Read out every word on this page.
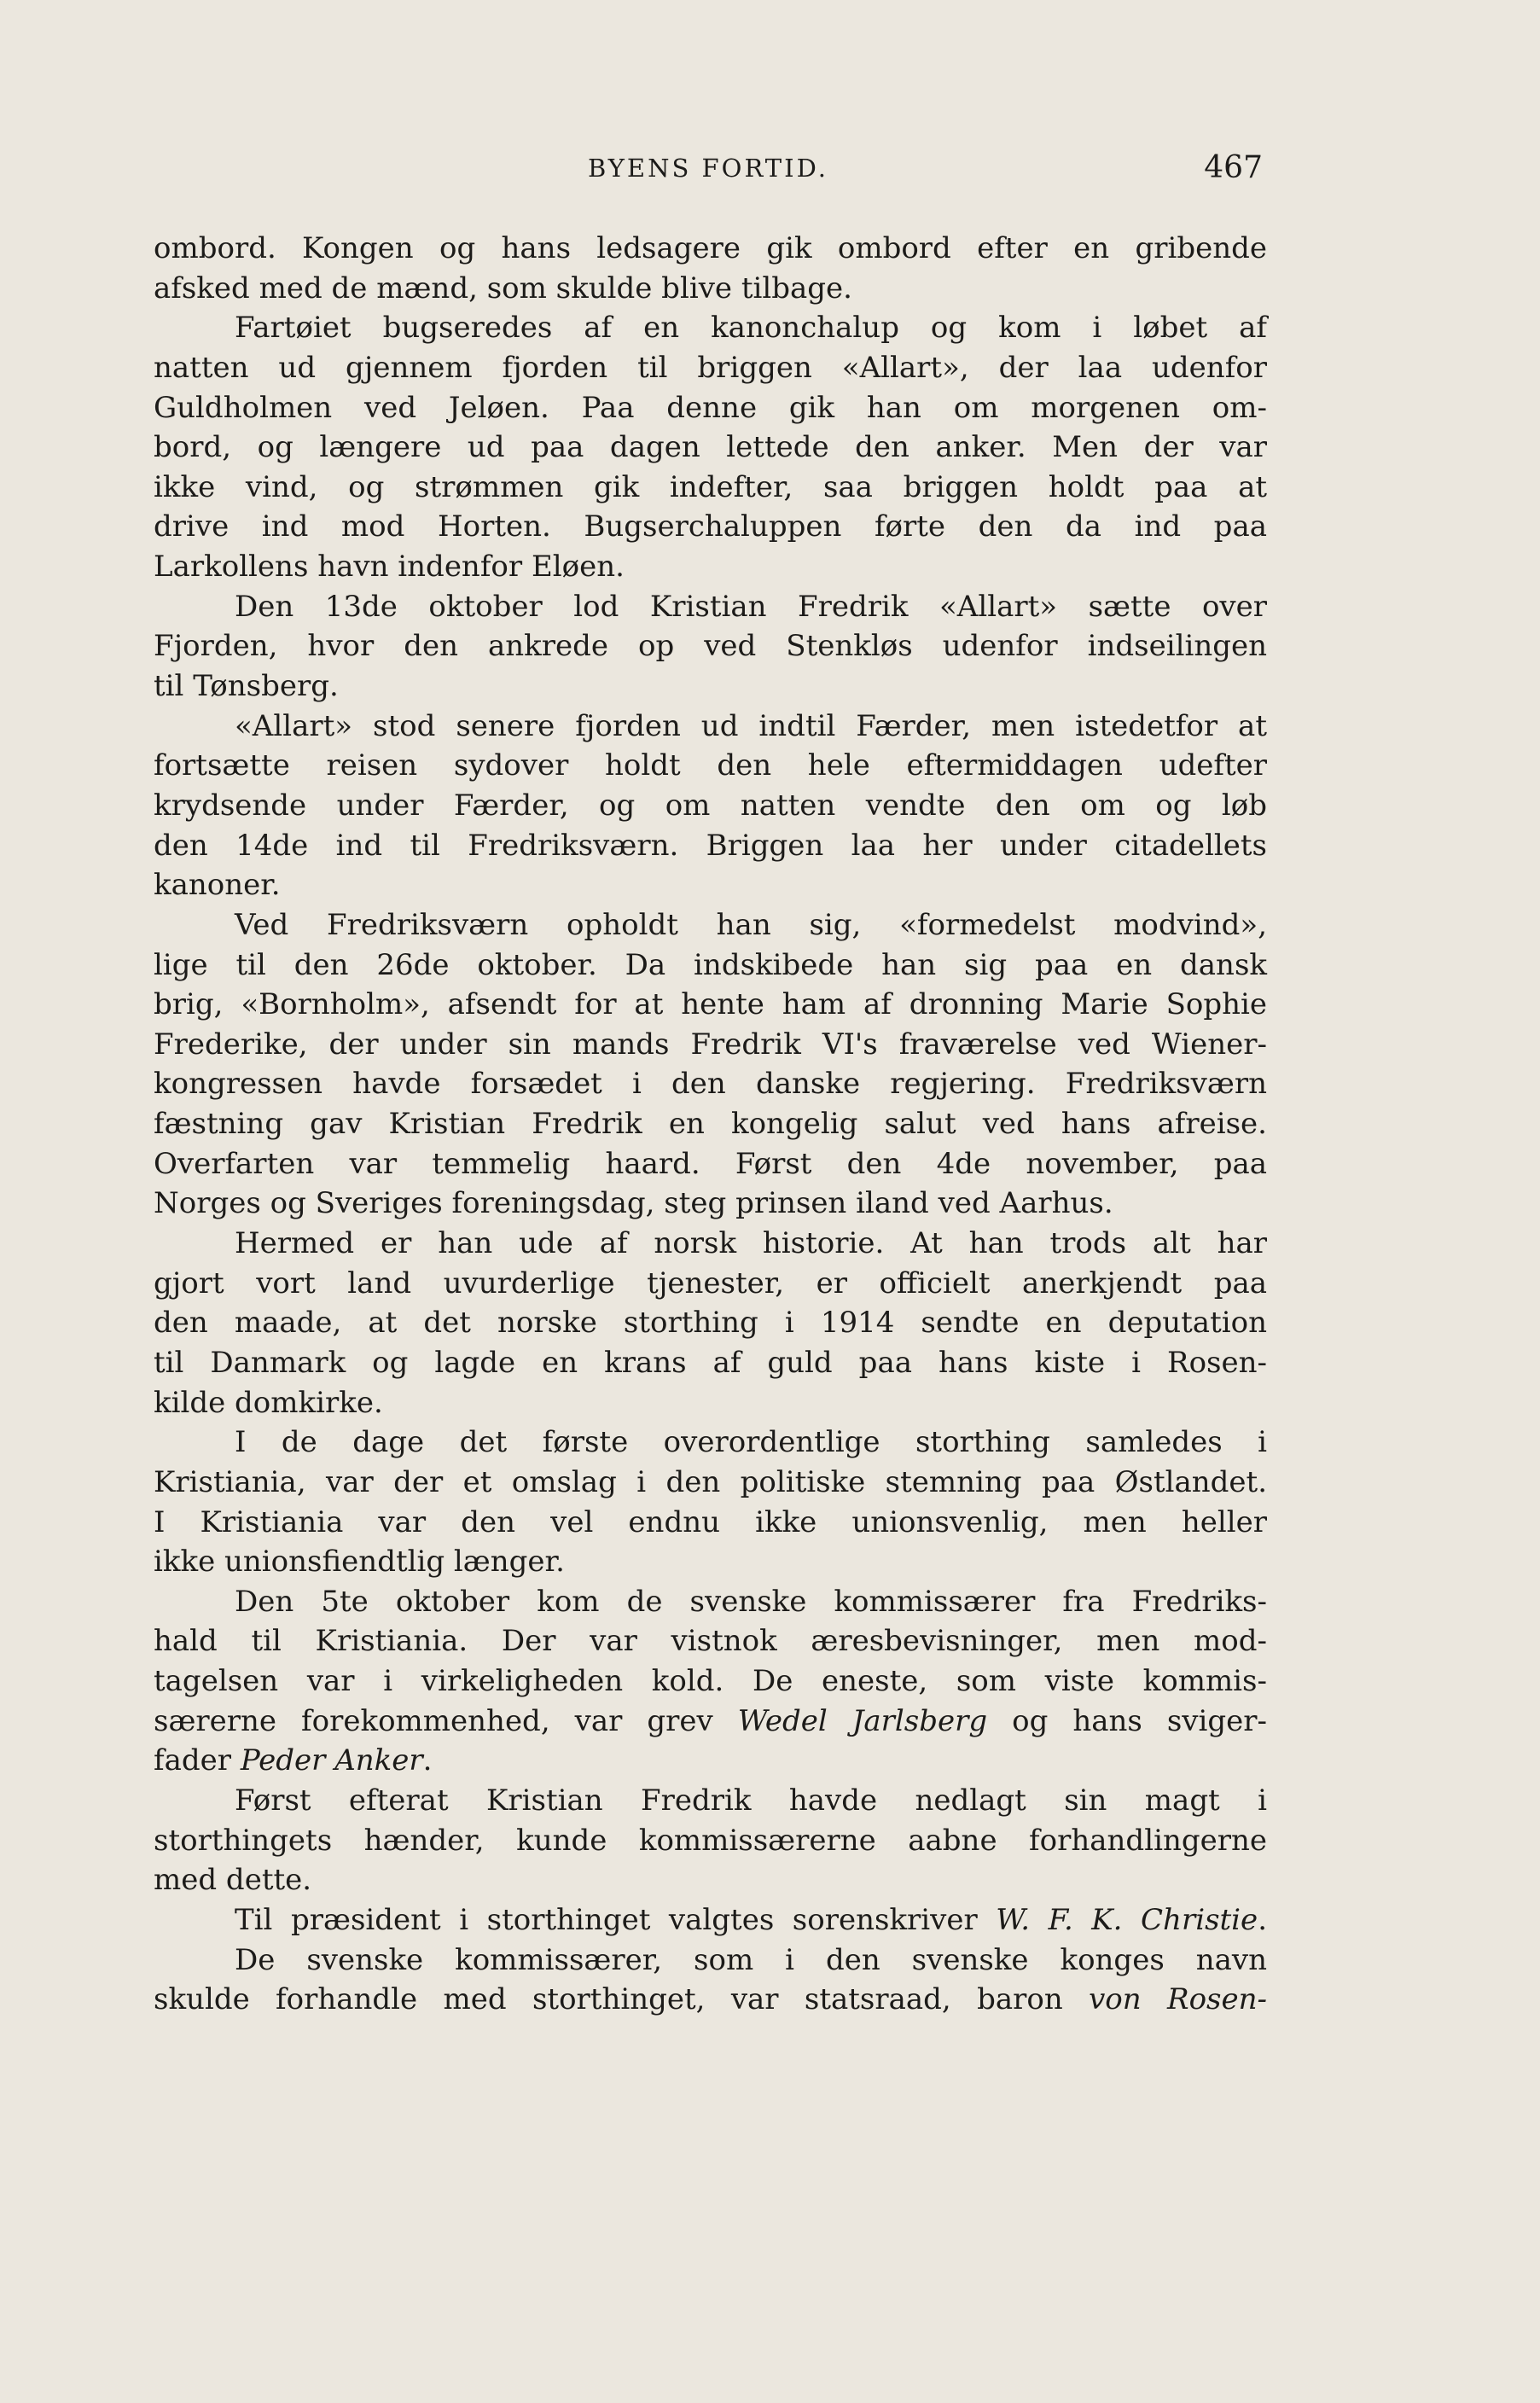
BYENS FORTID.	467
ombord. Kongen og hans ledsagere gik ombord efter en gribende
afsked med de mænd, som skulde blive tilbage.
Fartøiet bugseredes af en kanonchalup og kom i løbet af
natten ud gjennem fjorden til briggen «Allart», der laa udenfor
Guldholmen ved Jeløen. Paa denne gik han om morgenen om-
bord, og længere ud paa dagen lettede den anker. Men der var
ikke vind, og strømmen gik indefter, saa briggen holdt paa at
drive ind mod Horten. Bugserchaluppen førte den da ind paa
Larkollens havn indenfor Eløen.
Den 13de oktober lod Kristian Fredrik «Allart» sætte over
Fjorden, hvor den ankrede op ved Stenkløs udenfor indseilingen
til Tønsberg.
«Allart» stod senere fjorden ud indtil Færder, men istedetfor at
fortsætte reisen sydover holdt den hele eftermiddagen udefter
krydsende under Færder, og om natten vendte den om og løb
den 14de ind til Fredriksværn. Briggen laa her under citadellets
kanoner.
Ved Fredriksværn opholdt han sig, «formedelst modvind»,
lige til den 26de oktober. Da indskibede han sig paa en dansk
brig, «Bornholm», afsendt for at hente ham af dronning Marie Sophie
Frederike, der under sin mands Fredrik VI's fraværelse ved Wiener-
kongressen havde forsædet i den danske regjering. Fredriksværn
fæstning gav Kristian Fredrik en kongelig salut ved hans afreise.
Overfarten var temmelig haard. Først den 4de november, paa
Norges og Sveriges foreningsdag, steg prinsen iland ved Aarhus.
Hermed er han ude af norsk historie. At han trods alt har
gjort vort land uvurderlige tjenester, er officielt anerkjendt paa
den maade, at det norske storthing i 1914 sendte en deputation
til Danmark og lagde en krans af guld paa hans kiste i Rosen-
kilde domkirke.
I de dage det første overordentlige storthing samledes i
Kristiania, var der et omslag i den politiske stemning paa Østlandet.
I Kristiania var den vel endnu ikke unionsvenlig, men heller
ikke unionsfiendtlig længer.
Den 5te oktober kom de svenske kommissærer fra Fredriks-
hald til Kristiania. Der var vistnok æresbevisninger, men mod-
tagelsen var i virkeligheden kold. De eneste, som viste kommis-
særerne forekommenhed, var grev Wedel Jarlsberg og hans sviger-
fader Peder Anker.
Først efterat Kristian Fredrik havde nedlagt sin magt i
storthingets hænder, kunde kommissærerne aabne forhandlingerne
med dette.
Til præsident i storthinget valgtes sorenskriver W. F. K. Christie.
De svenske kommissærer, som i den svenske konges navn
skulde forhandle med storthinget, var statsraad, baron von Rosen-
